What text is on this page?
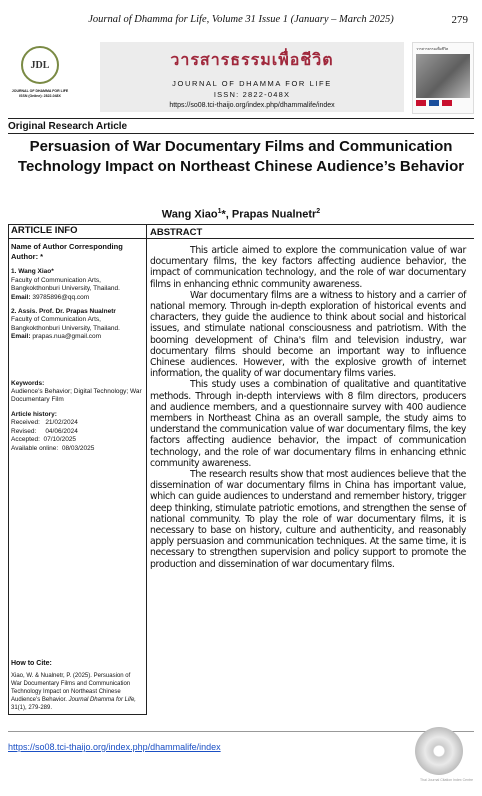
Journal of Dhamma for Life, Volume 31 Issue 1 (January – March 2025)	279
JDL
JOURNAL OF DHAMMA FOR LIFE
ISSN (Online): 2822-048X
วารสารธรรมเพื่อชีวิต
JOURNAL OF DHAMMA FOR LIFE
ISSN: 2822-048X
https://so08.tci-thaijo.org/index.php/dhammalife/index
วารสารธรรมเพื่อชีวิต
Original Research Article
Persuasion of War Documentary Films and Communication Technology Impact on Northeast Chinese Audience’s Behavior
Wang Xiao$^1$*, Prapas Nualnetr$^2$
ARTICLE INFO
Name of Author Corresponding Author: *
1. Wang Xiao*
Faculty of Communication Arts,
Bangkokthonburi University, Thailand.
Email: 39785896@qq.com
2. Assis. Prof. Dr. Prapas Nualnetr
Faculty of Communication Arts,
Bangkokthonburi University, Thailand.
Email: prapas.nua@gmail.com
Keywords:
Audience’s Behavior; Digital Technology; War Documentary Film
Article history:
Received:   21/02/2024
Revised:     04/06/2024
Accepted:  07/10/2025
Available online:  08/03/2025
How to Cite:
Xiao, W. & Nualnetr, P. (2025). Persuasion of War Documentary Films and Communication Technology Impact on Northeast Chinese Audience’s Behavior. Journal Dhamma for Life, 31(1), 279-289.
ABSTRACT

This article aimed to explore the communication value of war documentary films, the key factors affecting audience behavior, the impact of communication technology, and the role of war documentary films in enhancing ethnic community awareness.

War documentary films are a witness to history and a carrier of national memory. Through in-depth exploration of historical events and characters, they guide the audience to think about social and historical issues, and stimulate national consciousness and patriotism. With the booming development of China's film and television industry, war documentary films should become an important way to influence Chinese audiences. However, with the explosive growth of internet information, the quality of war documentary films varies.

This study uses a combination of qualitative and quantitative methods. Through in-depth interviews with 8 film directors, producers and audience members, and a questionnaire survey with 400 audience members in Northeast China as an overall sample, the study aims to understand the communication value of war documentary films, the key factors affecting audience behavior, the impact of communication technology, and the role of war documentary films in enhancing ethnic community awareness.

The research results show that most audiences believe that the dissemination of war documentary films in China has important value, which can guide audiences to understand and remember history, trigger deep thinking, stimulate patriotic emotions, and strengthen the sense of national community. To play the role of war documentary films, it is necessary to base on history, culture and authenticity, and reasonably apply persuasion and communication techniques. At the same time, it is necessary to strengthen supervision and policy support to promote the production and dissemination of war documentary films.

https://so08.tci-thaijo.org/index.php/dhammalife/index
Thai Journal Citation Index Centre
